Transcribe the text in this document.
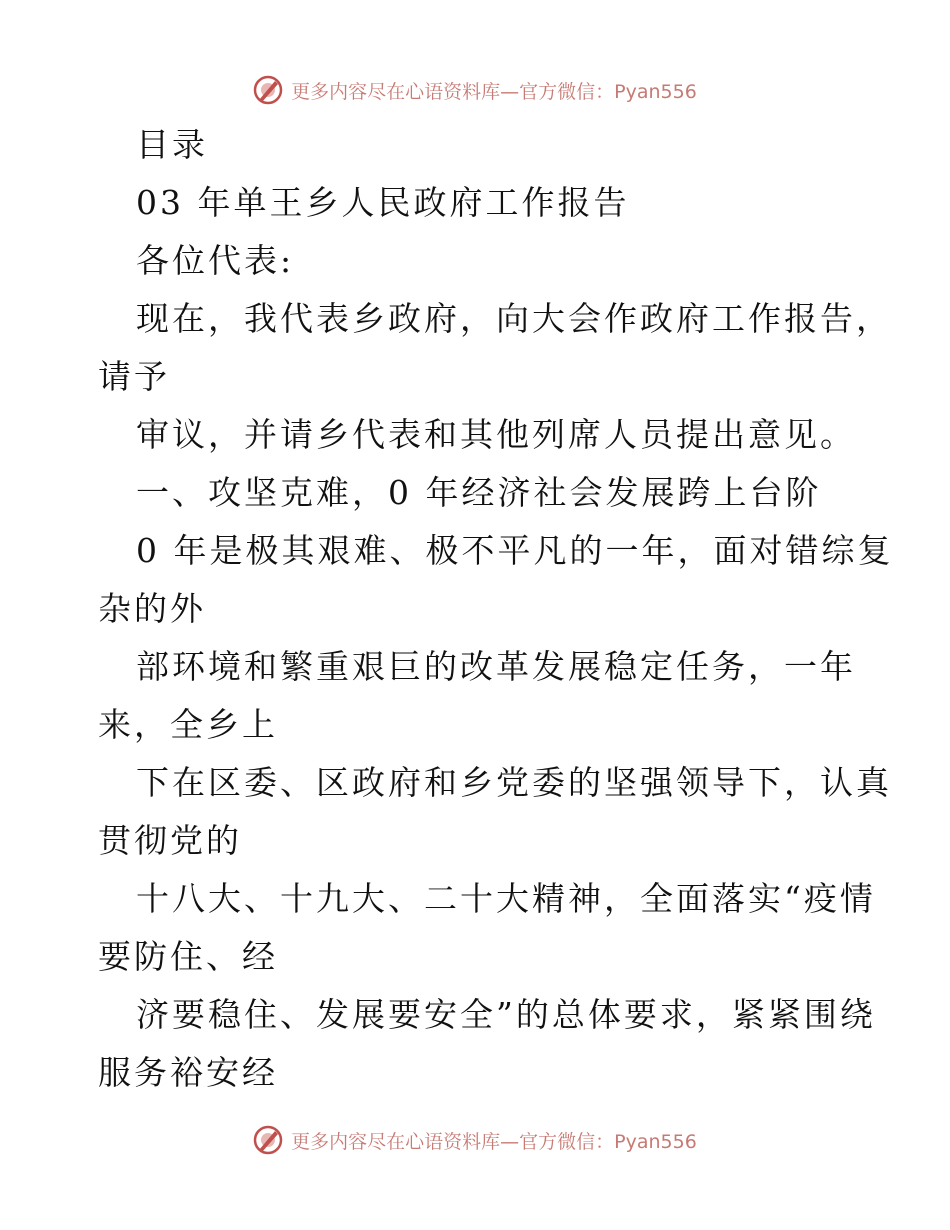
更多内容尽在心语资料库—官方微信：Pyan556
目录
03 年单王乡人民政府工作报告
各位代表:
现在，我代表乡政府，向大会作政府工作报告，
请予
审议，并请乡代表和其他列席人员提出意见。
一、攻坚克难，0 年经济社会发展跨上台阶
0 年是极其艰难、极不平凡的一年，面对错综复
杂的外
部环境和繁重艰巨的改革发展稳定任务，一年
来，全乡上
下在区委、区政府和乡党委的坚强领导下，认真
贯彻党的
十八大、十九大、二十大精神，全面落实“疫情
要防住、经
济要稳住、发展要安全”的总体要求，紧紧围绕
服务裕安经
更多内容尽在心语资料库—官方微信：Pyan556
